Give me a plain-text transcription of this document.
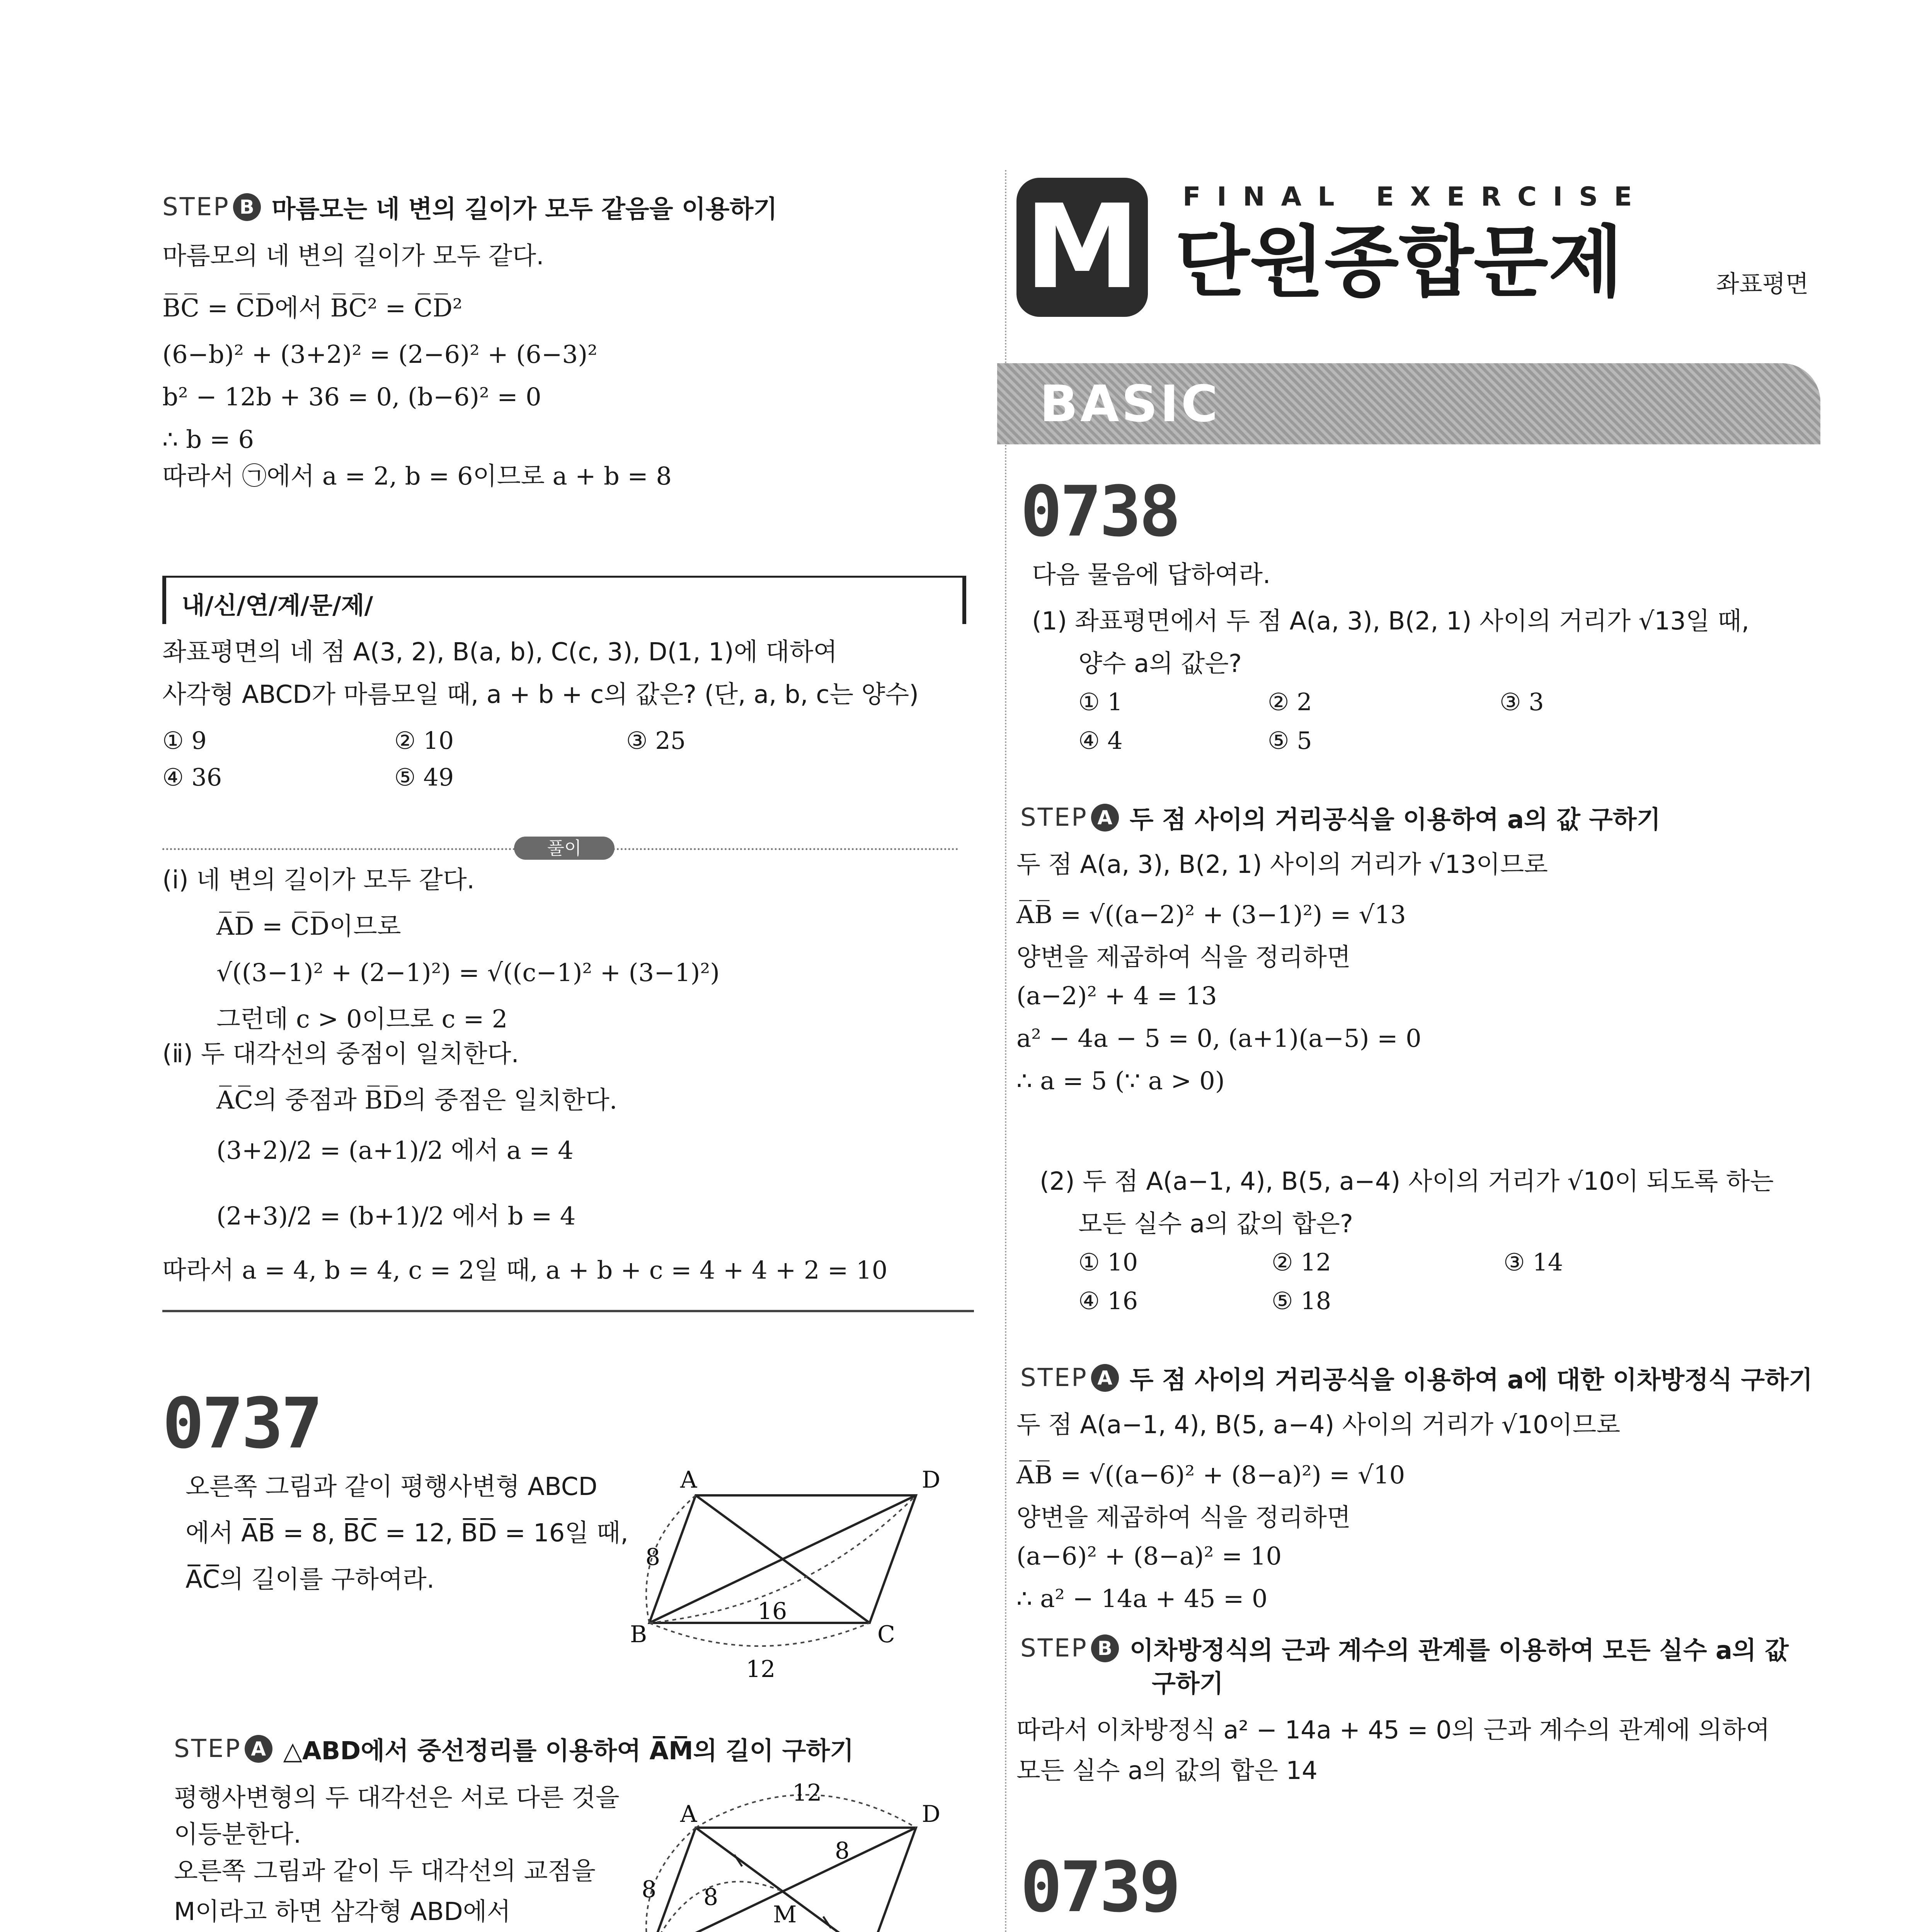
STEP B 마름모는 네 변의 길이가 모두 같음을 이용하기
마름모의 네 변의 길이가 모두 같다.
B̅C̅ = C̅D̅에서 B̅C̅² = C̅D̅²
(6−b)² + (3+2)² = (2−6)² + (6−3)²
b² − 12b + 36 = 0, (b−6)² = 0
∴ b = 6
따라서 ㉠에서 a = 2, b = 6이므로 a + b = 8
내/신/연/계/문/제/
좌표평면의 네 점 A(3, 2), B(a, b), C(c, 3), D(1, 1)에 대하여
사각형 ABCD가 마름모일 때, a + b + c의 값은? (단, a, b, c는 양수)
① 9	② 10	③ 25
④ 36	⑤ 49
풀이
(ⅰ) 네 변의 길이가 모두 같다.
A̅D̅ = C̅D̅이므로
√((3−1)² + (2−1)²) = √((c−1)² + (3−1)²)
그런데 c > 0이므로 c = 2
(ⅱ) 두 대각선의 중점이 일치한다.
A̅C̅의 중점과 B̅D̅의 중점은 일치한다.
(3+2)/2 = (a+1)/2 에서 a = 4
(2+3)/2 = (b+1)/2 에서 b = 4
따라서 a = 4, b = 4, c = 2일 때, a + b + c = 4 + 4 + 2 = 10
0737
오른쪽 그림과 같이 평행사변형 ABCD
에서 A̅B̅ = 8, B̅C̅ = 12, B̅D̅ = 16일 때,
A̅C̅의 길이를 구하여라.
A	D
B	C
8
16
12
STEP A △ABD에서 중선정리를 이용하여 A̅M̅의 길이 구하기
평행사변형의 두 대각선은 서로 다른 것을
이등분한다.
오른쪽 그림과 같이 두 대각선의 교점을
M이라고 하면 삼각형 ABD에서
A	D
M
12
8
8
8
M	FINAL EXERCISE
단원종합문제	좌표평면
BASIC
0738
다음 물음에 답하여라.
(1) 좌표평면에서 두 점 A(a, 3), B(2, 1) 사이의 거리가 √13일 때,
양수 a의 값은?
① 1	② 2	③ 3
④ 4	⑤ 5
STEP A 두 점 사이의 거리공식을 이용하여 a의 값 구하기
두 점 A(a, 3), B(2, 1) 사이의 거리가 √13이므로
A̅B̅ = √((a−2)² + (3−1)²) = √13
양변을 제곱하여 식을 정리하면
(a−2)² + 4 = 13
a² − 4a − 5 = 0, (a+1)(a−5) = 0
∴ a = 5 (∵ a > 0)
(2) 두 점 A(a−1, 4), B(5, a−4) 사이의 거리가 √10이 되도록 하는
모든 실수 a의 값의 합은?
① 10	② 12	③ 14
④ 16	⑤ 18
STEP A 두 점 사이의 거리공식을 이용하여 a에 대한 이차방정식 구하기
두 점 A(a−1, 4), B(5, a−4) 사이의 거리가 √10이므로
A̅B̅ = √((a−6)² + (8−a)²) = √10
양변을 제곱하여 식을 정리하면
(a−6)² + (8−a)² = 10
∴ a² − 14a + 45 = 0
STEP B 이차방정식의 근과 계수의 관계를 이용하여 모든 실수 a의 값
구하기
따라서 이차방정식 a² − 14a + 45 = 0의 근과 계수의 관계에 의하여
모든 실수 a의 값의 합은 14
0739
